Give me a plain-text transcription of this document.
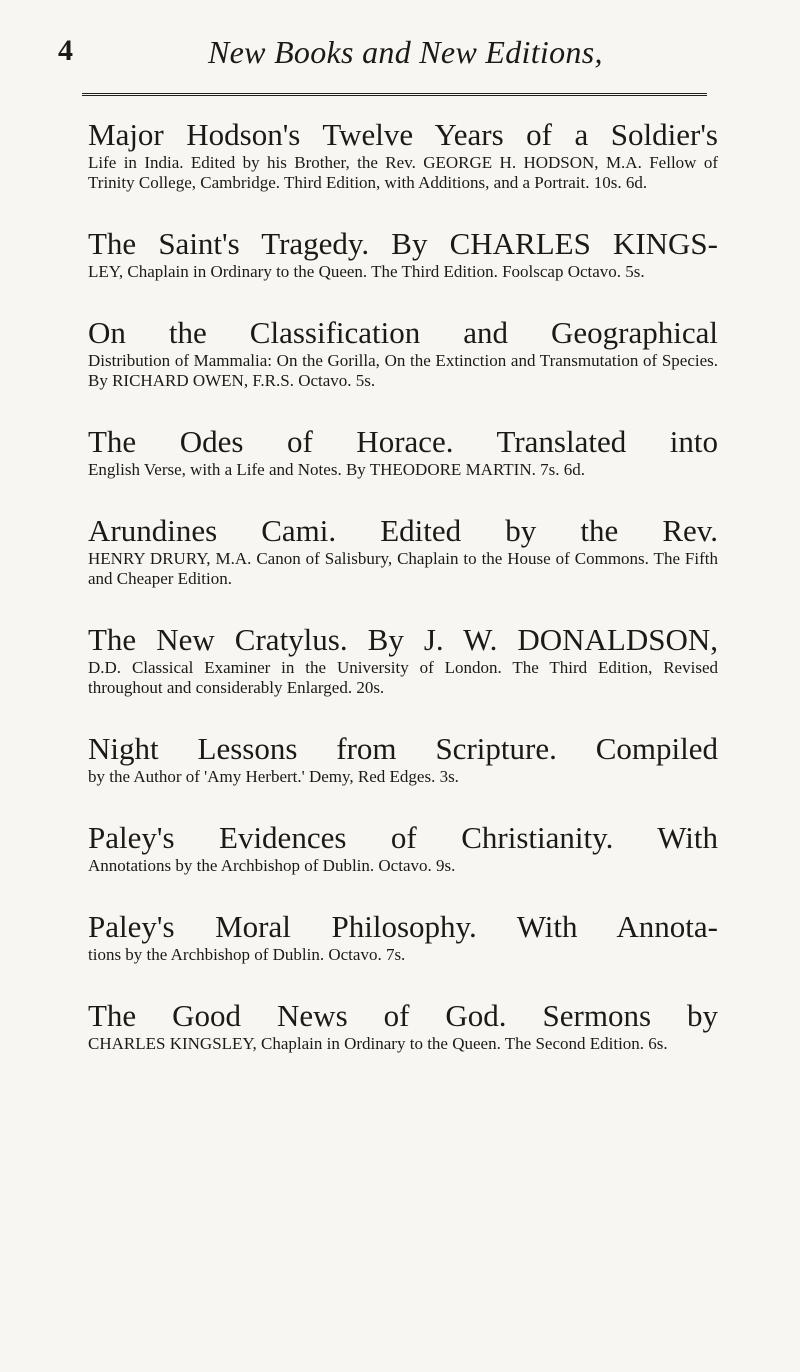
4	New Books and New Editions,
Major Hodson's Twelve Years of a Soldier's
Life in India. Edited by his Brother, the Rev. GEORGE H. HODSON, M.A. Fellow of Trinity College, Cambridge. Third Edition, with Additions, and a Portrait. 10s. 6d.
The Saint's Tragedy. By CHARLES KINGS-
LEY, Chaplain in Ordinary to the Queen. The Third Edition. Foolscap Octavo. 5s.
On the Classification and Geographical
Distribution of Mammalia: On the Gorilla, On the Extinction and Transmutation of Species. By RICHARD OWEN, F.R.S. Octavo. 5s.
The Odes of Horace. Translated into
English Verse, with a Life and Notes. By THEODORE MARTIN. 7s. 6d.
Arundines Cami. Edited by the Rev.
HENRY DRURY, M.A. Canon of Salisbury, Chaplain to the House of Commons. The Fifth and Cheaper Edition.
The New Cratylus. By J. W. DONALDSON,
D.D. Classical Examiner in the University of London. The Third Edition, Revised throughout and considerably Enlarged. 20s.
Night Lessons from Scripture. Compiled
by the Author of 'Amy Herbert.' Demy, Red Edges. 3s.
Paley's Evidences of Christianity. With
Annotations by the Archbishop of Dublin. Octavo. 9s.
Paley's Moral Philosophy. With Annota-
tions by the Archbishop of Dublin. Octavo. 7s.
The Good News of God. Sermons by
CHARLES KINGSLEY, Chaplain in Ordinary to the Queen. The Second Edition. 6s.
